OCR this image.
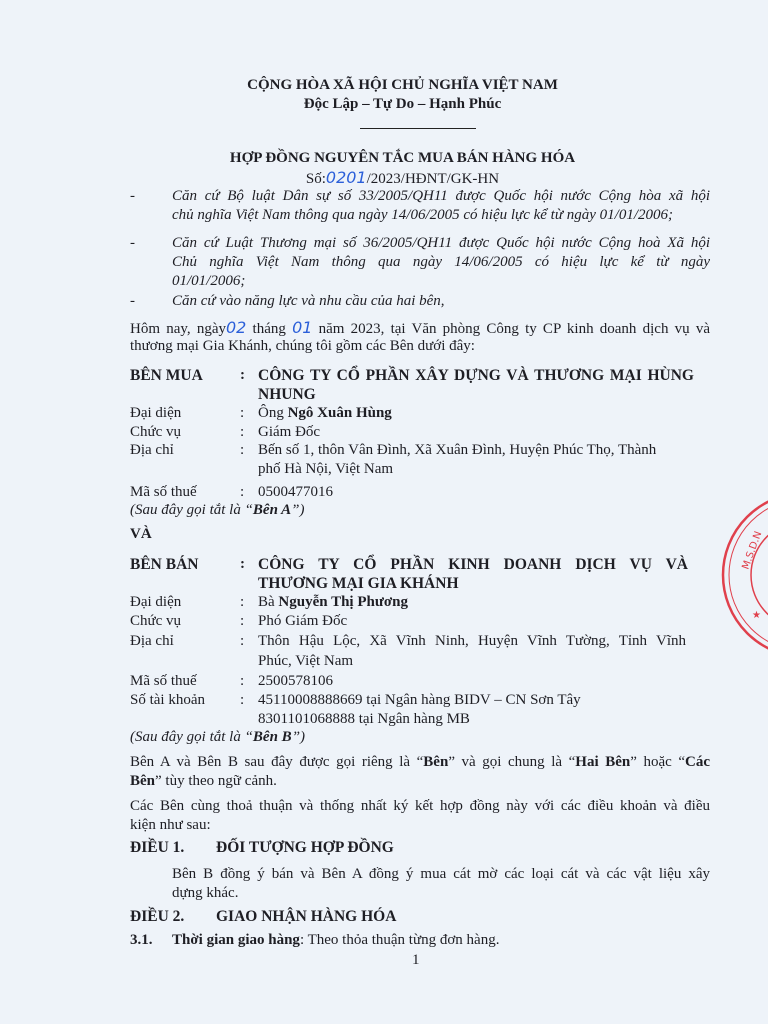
CỘNG HÒA XÃ HỘI CHỦ NGHĨA VIỆT NAM
Độc Lập – Tự Do – Hạnh Phúc
HỢP ĐỒNG NGUYÊN TẮC MUA BÁN HÀNG HÓA
Số:0201/2023/HĐNT/GK-HN
- Căn cứ Bộ luật Dân sự số 33/2005/QH11 được Quốc hội nước Cộng hòa xã hội
chủ nghĩa Việt Nam thông qua ngày 14/06/2005 có hiệu lực kể từ ngày 01/01/2006;
- Căn cứ Luật Thương mại số 36/2005/QH11 được Quốc hội nước Cộng hoà Xã hội
Chủ nghĩa Việt Nam thông qua ngày 14/06/2005 có hiệu lực kể từ ngày
01/01/2006;
- Căn cứ vào năng lực và nhu cầu của hai bên,
Hôm nay, ngày02 tháng 01 năm 2023, tại Văn phòng Công ty CP kinh doanh dịch vụ và
thương mại Gia Khánh, chúng tôi gồm các Bên dưới đây:
BÊN MUA : CÔNG TY CỔ PHẦN XÂY DỰNG VÀ THƯƠNG MẠI HÙNG
NHUNG
Đại diện	: Ông Ngô Xuân Hùng
Chức vụ	: Giám Đốc
Địa chỉ	: Bến số 1, thôn Vân Đình, Xã Xuân Đình, Huyện Phúc Thọ, Thành
phố Hà Nội, Việt Nam
Mã số thuế	: 0500477016
(Sau đây gọi tắt là “Bên A”)
VÀ
BÊN BÁN	: CÔNG TY CỔ PHẦN KINH DOANH DỊCH VỤ VÀ
THƯƠNG MẠI GIA KHÁNH
Đại diện	: Bà Nguyễn Thị Phương
Chức vụ	: Phó Giám Đốc
Địa chỉ	: Thôn Hậu Lộc, Xã Vĩnh Ninh, Huyện Vĩnh Tường, Tỉnh Vĩnh
Phúc, Việt Nam
Mã số thuế	: 2500578106
Số tài khoản : 45110008888669 tại Ngân hàng BIDV – CN Sơn Tây
8301101068888 tại Ngân hàng MB
(Sau đây gọi tắt là “Bên B”)
Bên A và Bên B sau đây được gọi riêng là “Bên” và gọi chung là “Hai Bên” hoặc “Các
Bên” tùy theo ngữ cảnh.
Các Bên cùng thoả thuận và thống nhất ký kết hợp đồng này với các điều khoản và điều
kiện như sau:
ĐIỀU 1. ĐỐI TƯỢNG HỢP ĐỒNG
Bên B đồng ý bán và Bên A đồng ý mua cát mờ các loại cát và các vật liệu xây
dựng khác.
ĐIỀU 2. GIAO NHẬN HÀNG HÓA
3.1. Thời gian giao hàng: Theo thỏa thuận từng đơn hàng.
1
M.S.D.N
★
